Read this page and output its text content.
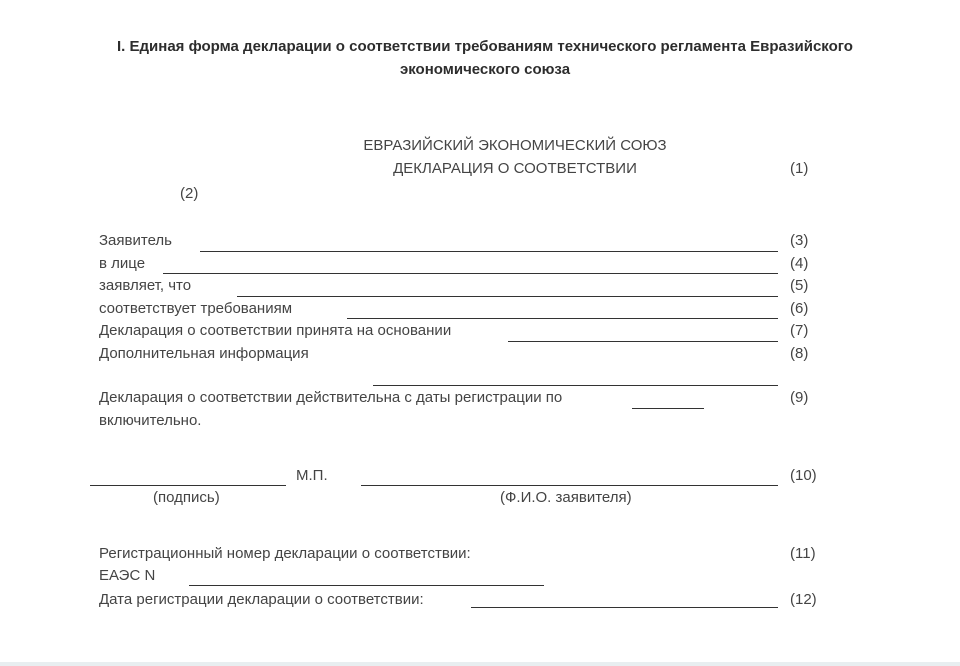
I. Единая форма декларации о соответствии требованиям технического регламента Евразийского
экономического союза
ЕВРАЗИЙСКИЙ ЭКОНОМИЧЕСКИЙ СОЮЗ
ДЕКЛАРАЦИЯ О СООТВЕТСТВИИ	(1)
(2)
Заявитель	(3)
в лице	(4)
заявляет, что	(5)
соответствует требованиям	(6)
Декларация о соответствии принята на основании	(7)
Дополнительная информация	(8)
Декларация о соответствии действительна с даты регистрации по	(9)
включительно.
М.П.	(10)
(подпись)	(Ф.И.О. заявителя)
Регистрационный номер декларации о соответствии:	(11)
ЕАЭС N
Дата регистрации декларации о соответствии:	(12)
